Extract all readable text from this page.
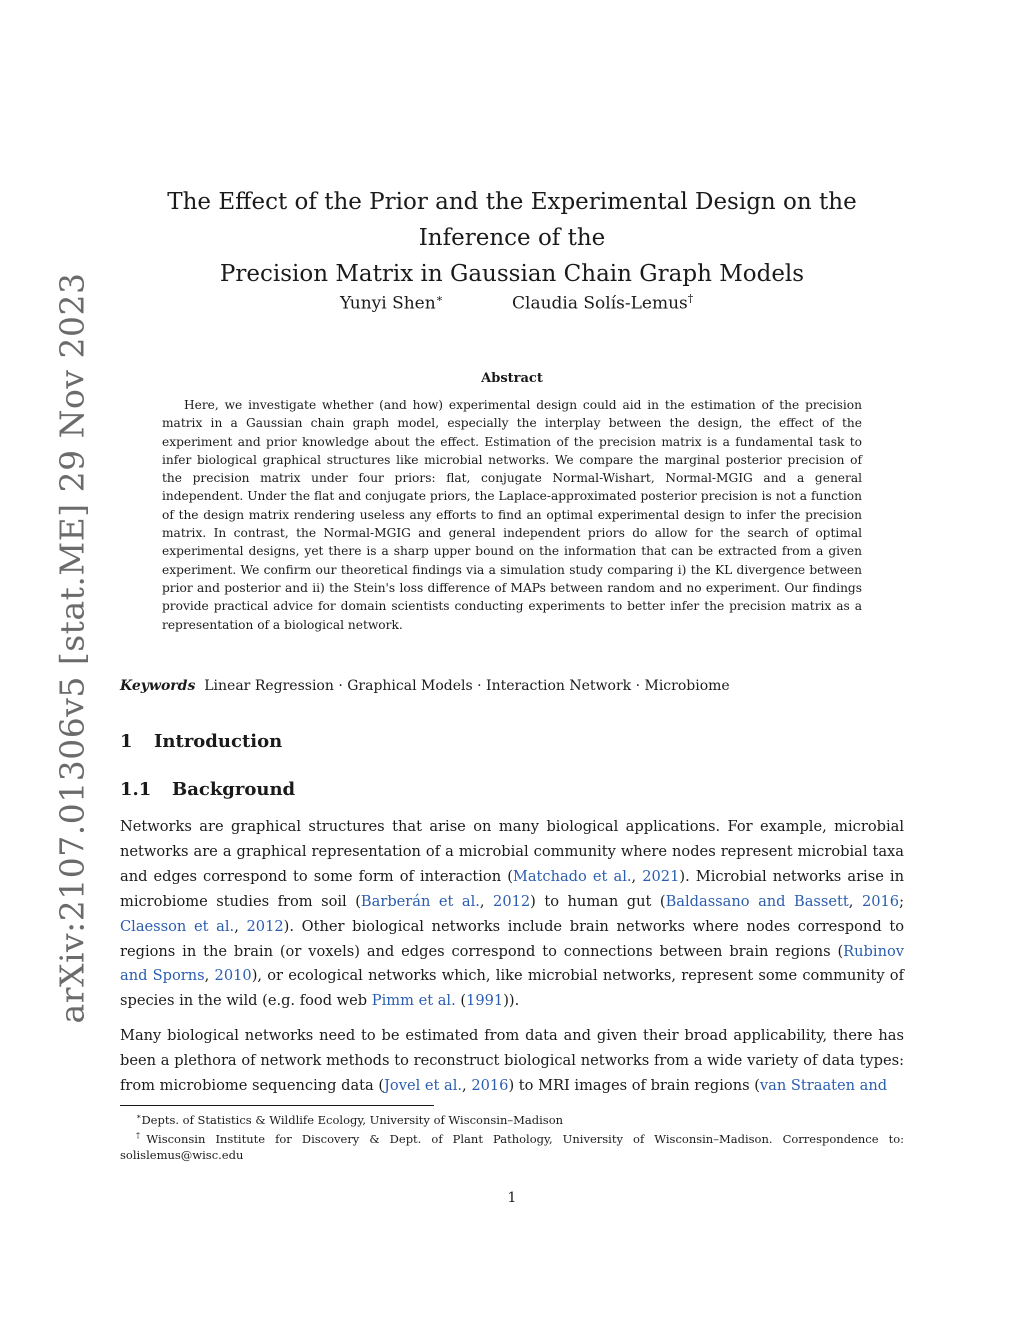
arXiv:2107.01306v5 [stat.ME] 29 Nov 2023
The Effect of the Prior and the Experimental Design on the Inference of the
Precision Matrix in Gaussian Chain Graph Models
Yunyi Shen∗	Claudia Solís-Lemus†
Abstract

Here, we investigate whether (and how) experimental design could aid in the estimation of the precision matrix in a Gaussian chain graph model, especially the interplay between the design, the effect of the experiment and prior knowledge about the effect. Estimation of the precision matrix is a fundamental task to infer biological graphical structures like microbial networks. We compare the marginal posterior precision of the precision matrix under four priors: flat, conjugate Normal-Wishart, Normal-MGIG and a general independent. Under the flat and conjugate priors, the Laplace-approximated posterior precision is not a function of the design matrix rendering useless any efforts to find an optimal experimental design to infer the precision matrix. In contrast, the Normal-MGIG and general independent priors do allow for the search of optimal experimental designs, yet there is a sharp upper bound on the information that can be extracted from a given experiment. We confirm our theoretical findings via a simulation study comparing i) the KL divergence between prior and posterior and ii) the Stein's loss difference of MAPs between random and no experiment. Our findings provide practical advice for domain scientists conducting experiments to better infer the precision matrix as a representation of a biological network.

Keywords Linear Regression · Graphical Models · Interaction Network · Microbiome
1 Introduction
1.1 Background

Networks are graphical structures that arise on many biological applications. For example, microbial networks are a graphical representation of a microbial community where nodes represent microbial taxa and edges correspond to some form of interaction (Matchado et al., 2021). Microbial networks arise in microbiome studies from soil (Barberán et al., 2012) to human gut (Baldassano and Bassett, 2016; Claesson et al., 2012). Other biological networks include brain networks where nodes correspond to regions in the brain (or voxels) and edges correspond to connections between brain regions (Rubinov and Sporns, 2010), or ecological networks which, like microbial networks, represent some community of species in the wild (e.g. food web Pimm et al. (1991)).

Many biological networks need to be estimated from data and given their broad applicability, there has been a plethora of network methods to reconstruct biological networks from a wide variety of data types: from microbiome sequencing data (Jovel et al., 2016) to MRI images of brain regions (van Straaten and

∗Depts. of Statistics & Wildlife Ecology, University of Wisconsin–Madison

†Wisconsin Institute for Discovery & Dept. of Plant Pathology, University of Wisconsin–Madison. Correspondence to: solislemus@wisc.edu

1
